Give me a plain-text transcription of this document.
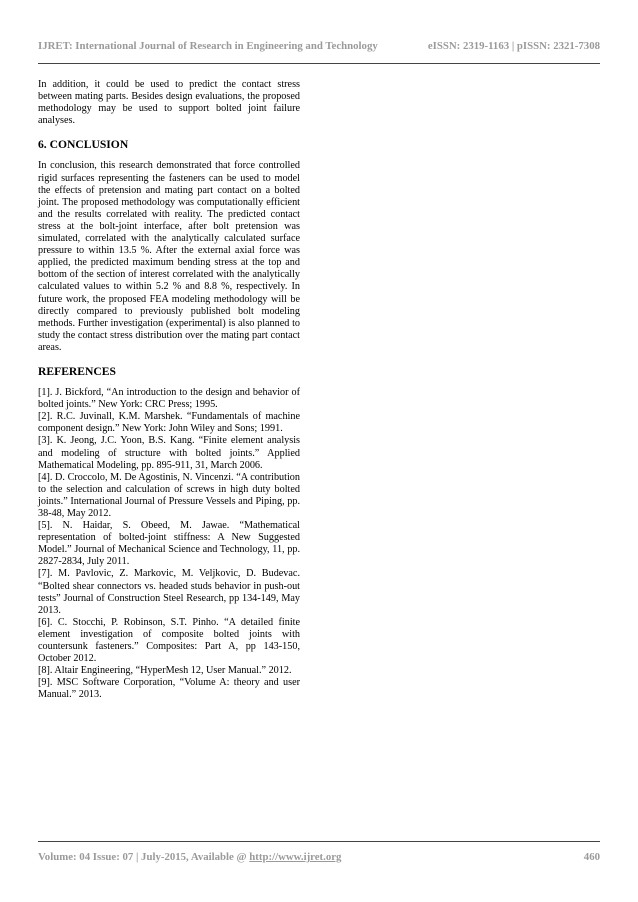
IJRET: International Journal of Research in Engineering and Technology	eISSN: 2319-1163 | pISSN: 2321-7308

In addition, it could be used to predict the contact stress between mating parts. Besides design evaluations, the proposed methodology may be used to support bolted joint failure analyses.

6. CONCLUSION

In conclusion, this research demonstrated that force controlled rigid surfaces representing the fasteners can be used to model the effects of pretension and mating part contact on a bolted joint. The proposed methodology was computationally efficient and the results correlated with reality. The predicted contact stress at the bolt-joint interface, after bolt pretension was simulated, correlated with the analytically calculated surface pressure to within 13.5 %. After the external axial force was applied, the predicted maximum bending stress at the top and bottom of the section of interest correlated with the analytically calculated values to within 5.2 % and 8.8 %, respectively. In future work, the proposed FEA modeling methodology will be directly compared to previously published bolt modeling methods. Further investigation (experimental) is also planned to study the contact stress distribution over the mating part contact areas.

REFERENCES

[1]. J. Bickford, “An introduction to the design and behavior of bolted joints.” New York: CRC Press; 1995.

[2]. R.C. Juvinall, K.M. Marshek. “Fundamentals of machine component design.” New York: John Wiley and Sons; 1991.

[3]. K. Jeong, J.C. Yoon, B.S. Kang. “Finite element analysis and modeling of structure with bolted joints.” Applied Mathematical Modeling, pp. 895-911, 31, March 2006.

[4]. D. Croccolo, M. De Agostinis, N. Vincenzi. “A contribution to the selection and calculation of screws in high duty bolted joints.” International Journal of Pressure Vessels and Piping, pp. 38-48, May 2012.

[5]. N. Haidar, S. Obeed, M. Jawae. “Mathematical representation of bolted-joint stiffness: A New Suggested Model.” Journal of Mechanical Science and Technology, 11, pp. 2827-2834, July 2011.

[7]. M. Pavlovic, Z. Markovic, M. Veljkovic, D. Budevac. “Bolted shear connectors vs. headed studs behavior in push-out tests” Journal of Construction Steel Research, pp 134-149, May 2013.

[6]. C. Stocchi, P. Robinson, S.T. Pinho. “A detailed finite element investigation of composite bolted joints with countersunk fasteners.” Composites: Part A, pp 143-150, October 2012.

[8]. Altair Engineering, “HyperMesh 12, User Manual.” 2012.

[9]. MSC Software Corporation, “Volume A: theory and user Manual.” 2013.

Volume: 04 Issue: 07 | July-2015, Available @ http://www.ijret.org	460
